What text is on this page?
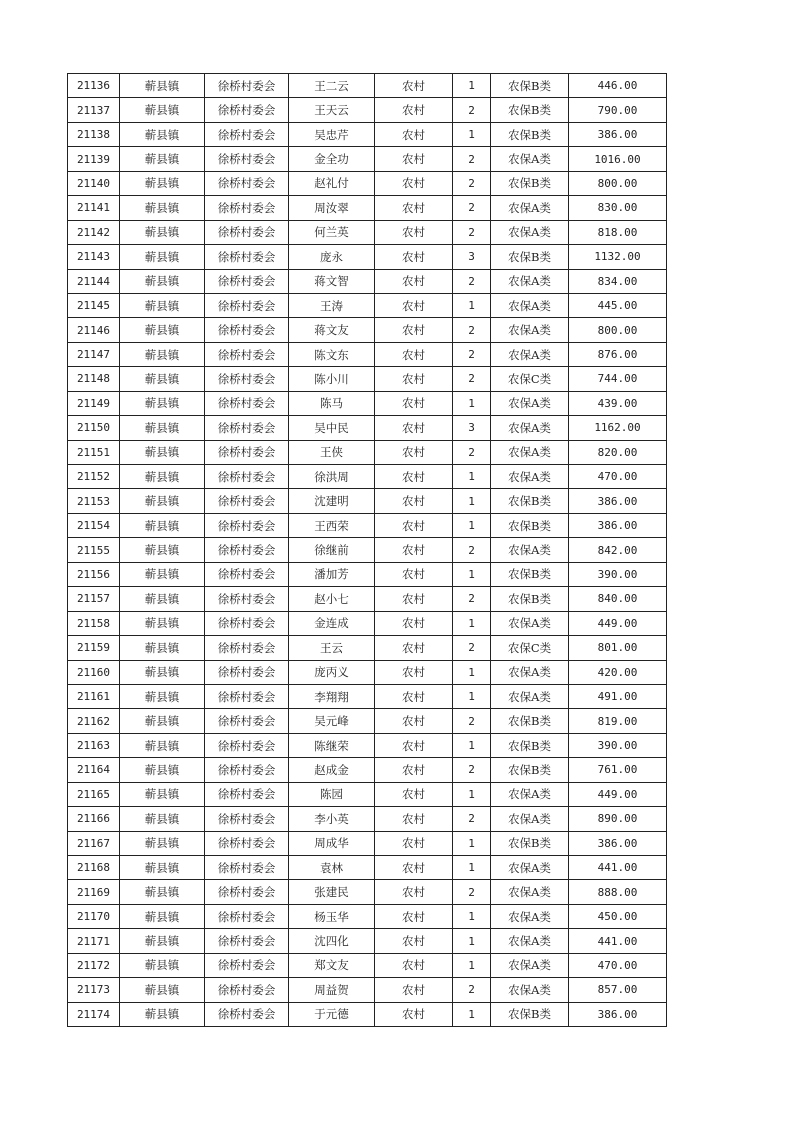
21136	蕲县镇	徐桥村委会	王二云	农村	1	农保B类	446.00
21137	蕲县镇	徐桥村委会	王天云	农村	2	农保B类	790.00
21138	蕲县镇	徐桥村委会	吴忠芹	农村	1	农保B类	386.00
21139	蕲县镇	徐桥村委会	金全功	农村	2	农保A类	1016.00
21140	蕲县镇	徐桥村委会	赵礼付	农村	2	农保B类	800.00
21141	蕲县镇	徐桥村委会	周汝翠	农村	2	农保A类	830.00
21142	蕲县镇	徐桥村委会	何兰英	农村	2	农保A类	818.00
21143	蕲县镇	徐桥村委会	庞永	农村	3	农保B类	1132.00
21144	蕲县镇	徐桥村委会	蒋文智	农村	2	农保A类	834.00
21145	蕲县镇	徐桥村委会	王涛	农村	1	农保A类	445.00
21146	蕲县镇	徐桥村委会	蒋文友	农村	2	农保A类	800.00
21147	蕲县镇	徐桥村委会	陈文东	农村	2	农保A类	876.00
21148	蕲县镇	徐桥村委会	陈小川	农村	2	农保C类	744.00
21149	蕲县镇	徐桥村委会	陈马	农村	1	农保A类	439.00
21150	蕲县镇	徐桥村委会	吴中民	农村	3	农保A类	1162.00
21151	蕲县镇	徐桥村委会	王侠	农村	2	农保A类	820.00
21152	蕲县镇	徐桥村委会	徐洪周	农村	1	农保A类	470.00
21153	蕲县镇	徐桥村委会	沈建明	农村	1	农保B类	386.00
21154	蕲县镇	徐桥村委会	王西荣	农村	1	农保B类	386.00
21155	蕲县镇	徐桥村委会	徐继前	农村	2	农保A类	842.00
21156	蕲县镇	徐桥村委会	潘加芳	农村	1	农保B类	390.00
21157	蕲县镇	徐桥村委会	赵小七	农村	2	农保B类	840.00
21158	蕲县镇	徐桥村委会	金连成	农村	1	农保A类	449.00
21159	蕲县镇	徐桥村委会	王云	农村	2	农保C类	801.00
21160	蕲县镇	徐桥村委会	庞丙义	农村	1	农保A类	420.00
21161	蕲县镇	徐桥村委会	李翔翔	农村	1	农保A类	491.00
21162	蕲县镇	徐桥村委会	吴元峰	农村	2	农保B类	819.00
21163	蕲县镇	徐桥村委会	陈继荣	农村	1	农保B类	390.00
21164	蕲县镇	徐桥村委会	赵成金	农村	2	农保B类	761.00
21165	蕲县镇	徐桥村委会	陈园	农村	1	农保A类	449.00
21166	蕲县镇	徐桥村委会	李小英	农村	2	农保A类	890.00
21167	蕲县镇	徐桥村委会	周成华	农村	1	农保B类	386.00
21168	蕲县镇	徐桥村委会	袁林	农村	1	农保A类	441.00
21169	蕲县镇	徐桥村委会	张建民	农村	2	农保A类	888.00
21170	蕲县镇	徐桥村委会	杨玉华	农村	1	农保A类	450.00
21171	蕲县镇	徐桥村委会	沈四化	农村	1	农保A类	441.00
21172	蕲县镇	徐桥村委会	郑文友	农村	1	农保A类	470.00
21173	蕲县镇	徐桥村委会	周益贺	农村	2	农保A类	857.00
21174	蕲县镇	徐桥村委会	于元德	农村	1	农保B类	386.00
